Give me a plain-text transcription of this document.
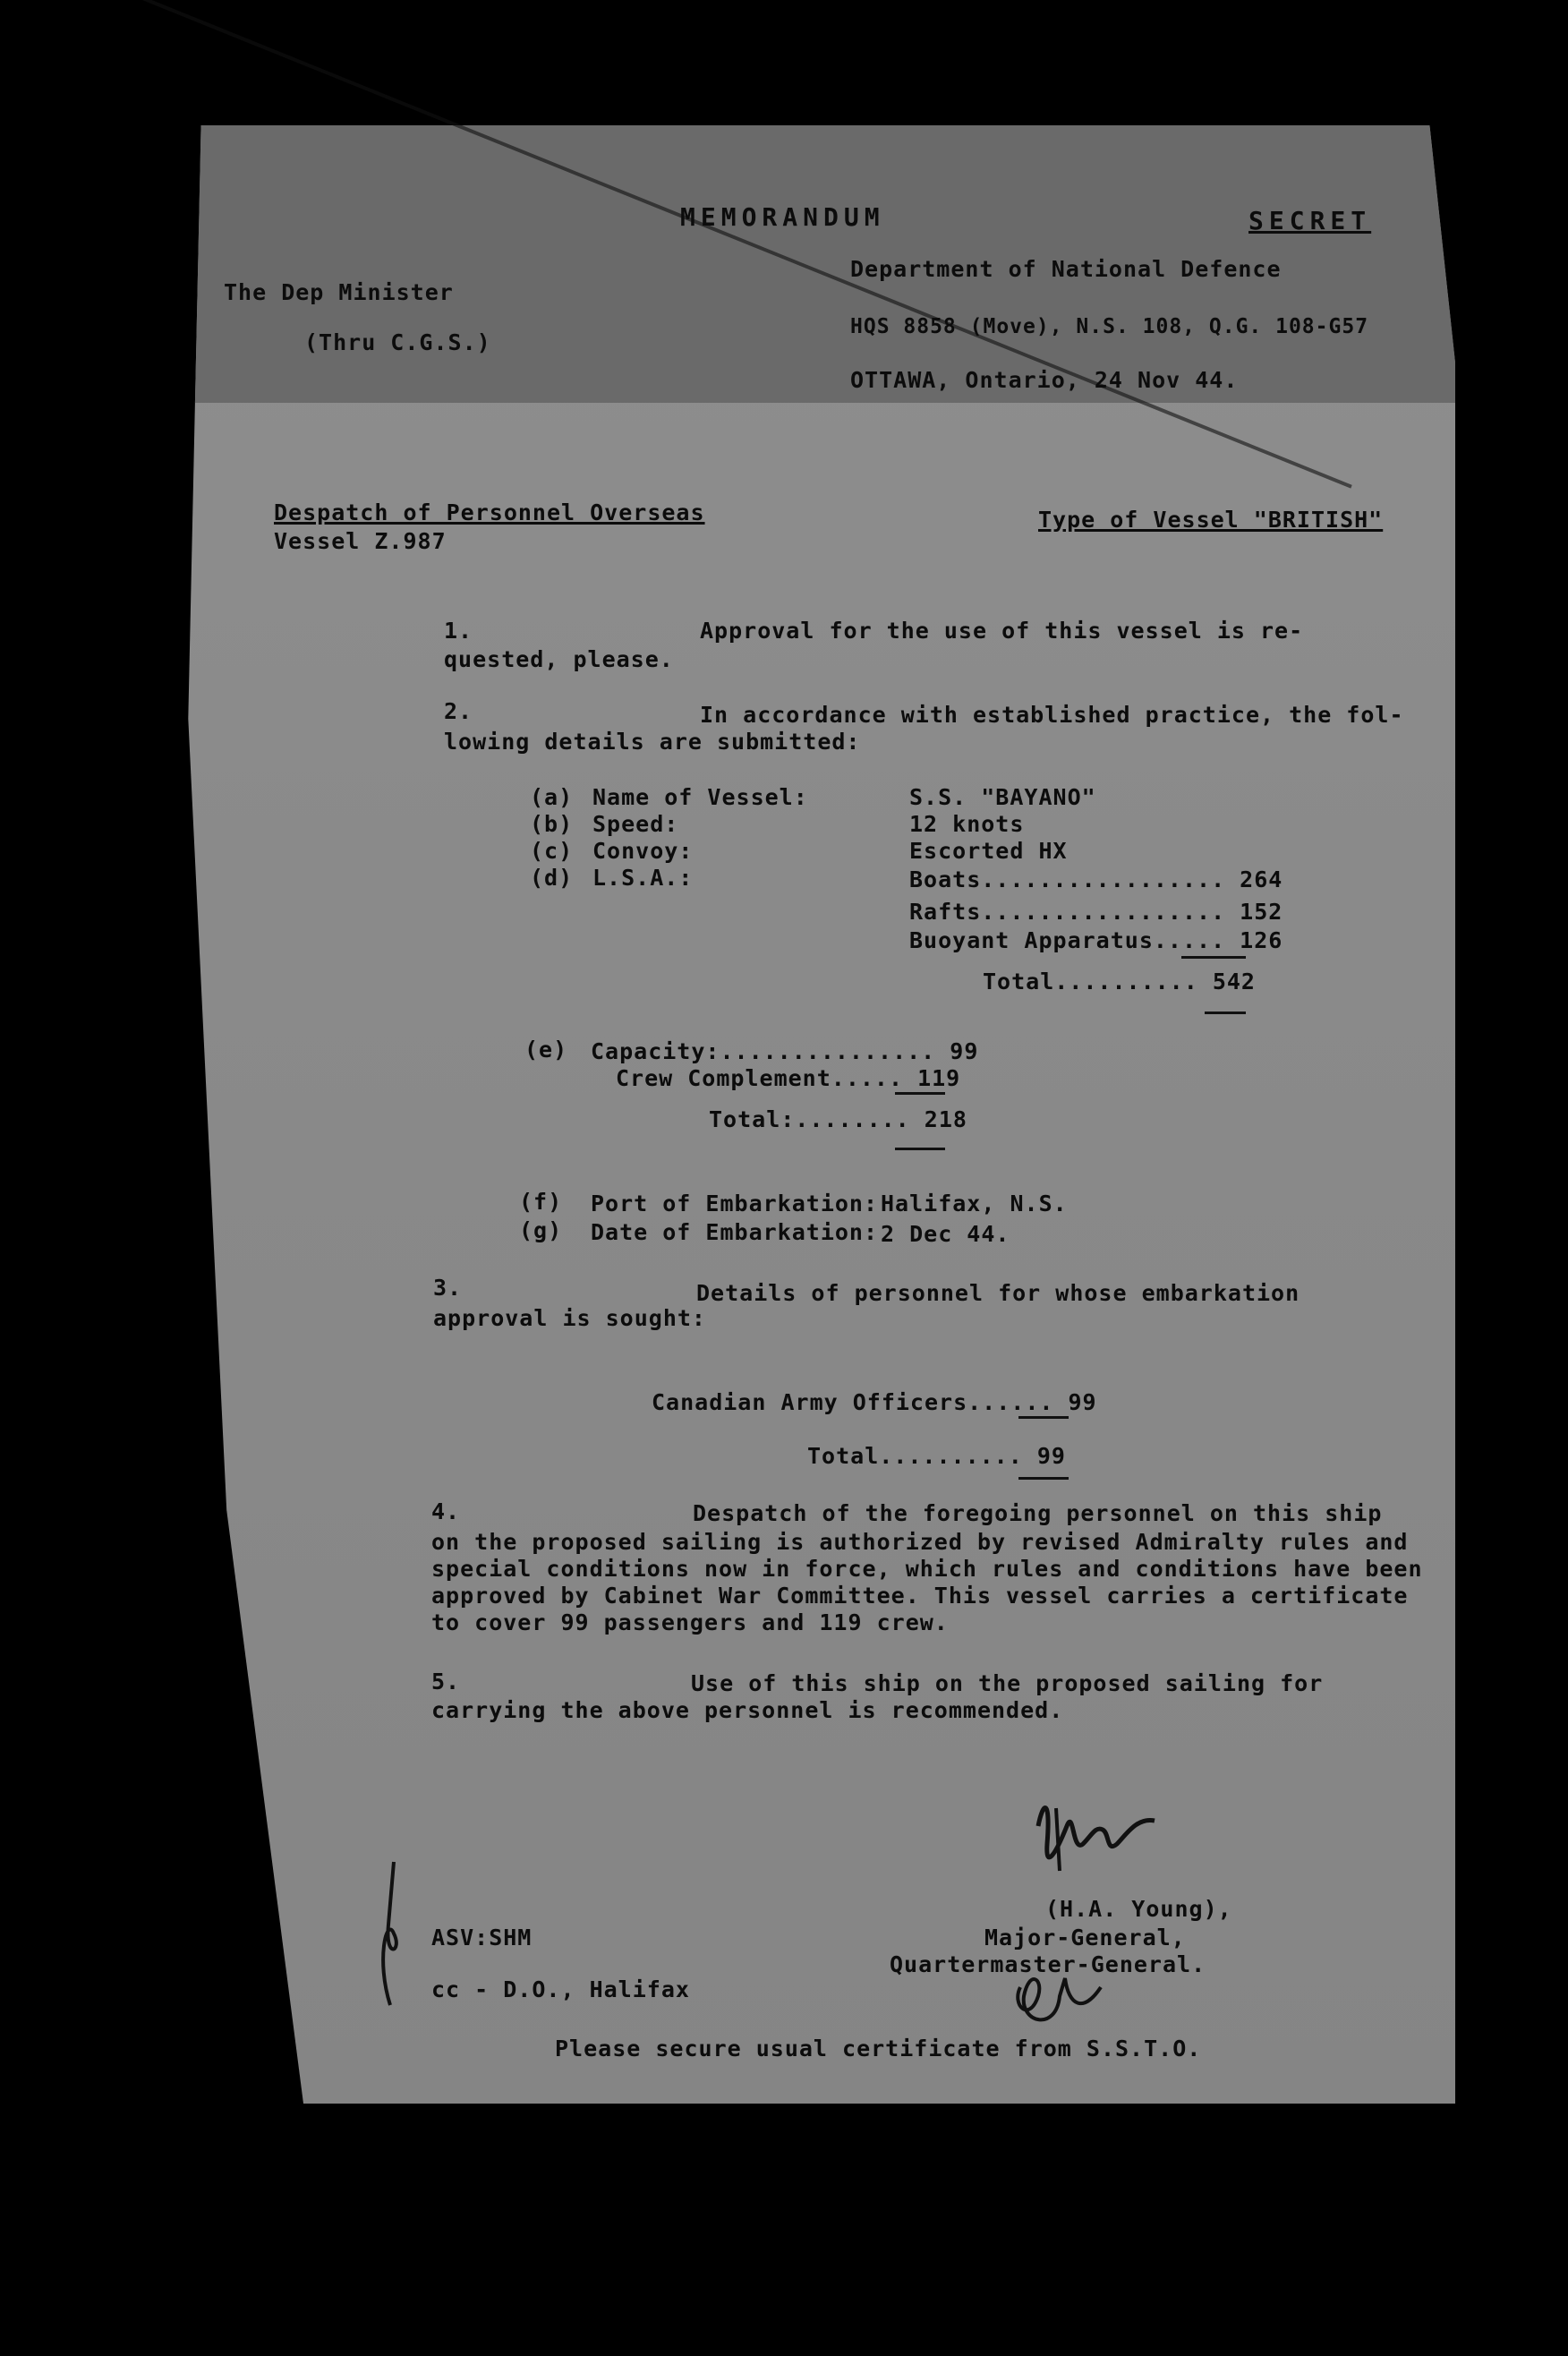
MEMORANDUM	SECRET
The Dep Minister
(Thru C.G.S.)
Department of National Defence
HQS 8858 (Move), N.S. 108, Q.G. 108-G57
OTTAWA, Ontario, 24 Nov 44.
Despatch of Personnel Overseas
Vessel Z.987
Type of Vessel "BRITISH"
1.	Approval for the use of this vessel is re-
quested, please.
2.	In accordance with established practice, the fol-
lowing details are submitted:
(a) Name of Vessel:	S.S. "BAYANO"
(b) Speed:	12 knots
(c) Convoy:	Escorted HX
(d) L.S.A.:	Boats................. 264
Rafts................. 152
Buoyant Apparatus..... 126
Total.......... 542
(e) Capacity:............... 99
Crew Complement..... 119
Total:........ 218
(f) Port of Embarkation: Halifax, N.S.
(g) Date of Embarkation: 2 Dec 44.
3.	Details of personnel for whose embarkation
approval is sought:
Canadian Army Officers...... 99
Total.......... 99
4.	Despatch of the foregoing personnel on this ship
on the proposed sailing is authorized by revised Admiralty rules and
special conditions now in force, which rules and conditions have been
approved by Cabinet War Committee. This vessel carries a certificate
to cover 99 passengers and 119 crew.
5.	Use of this ship on the proposed sailing for
carrying the above personnel is recommended.
(H.A. Young),
Major-General,
Quartermaster-General.
ASV:SHM
cc - D.O., Halifax
Please secure usual certificate from S.S.T.O.
